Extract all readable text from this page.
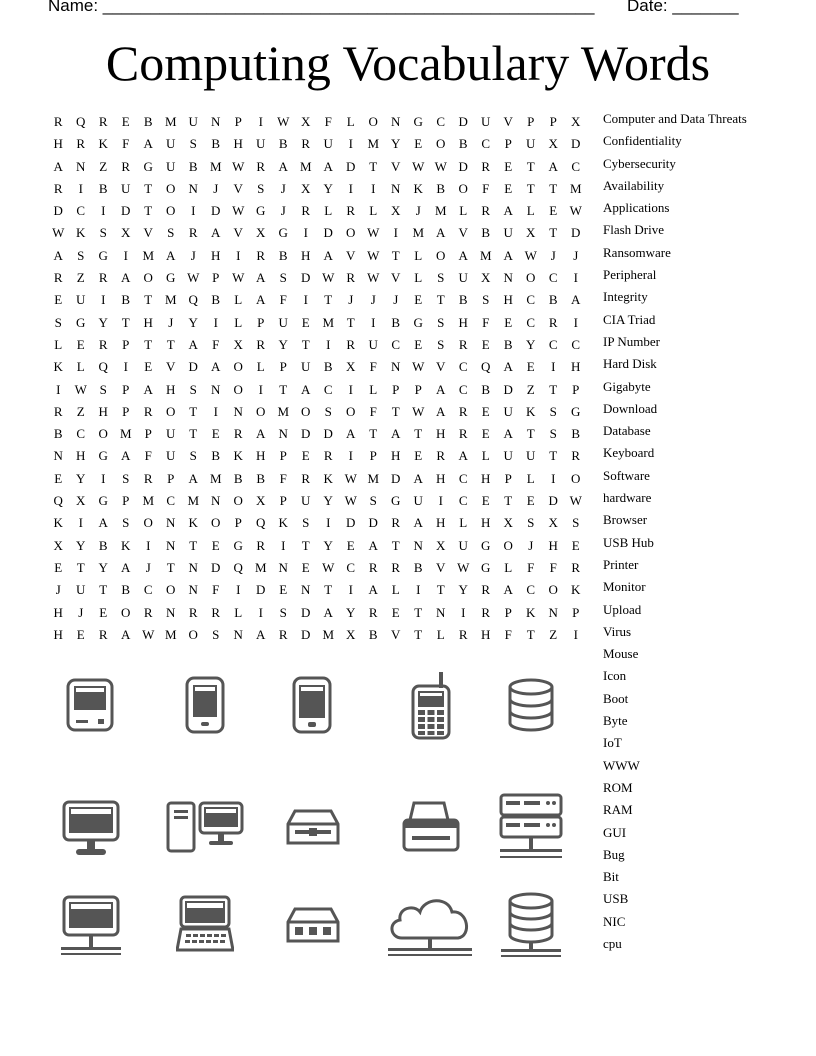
Name: ____________________________________________________ Date: _______
Computing Vocabulary Words
R Q R E B M U N P I W X F L O N G C D U V P P X
H R K F A U S B H U B R U I M Y E O B C P U X D
A N Z R G U B M W R A M A D T V W W D R E T A C
R I B U T O N J V S J X Y I I N K B O F E T T M
D C I D T O I D W G J R L R L X J M L R A L E W
W K S X V S R A V X G I D O W I M A V B U X T D
A S G I M A J H I R B H A V W T L O A M A W J J
R Z R A O G W P W A S D W R W V L S U X N O C I
E U I B T M Q B L A F I T J J J E T B S H C B A
S G Y T H J Y I L P U E M T I B G S H F E C R I
L E R P T T A F X R Y T I R U C E S R E B Y C C
K L Q I E V D A O L P U B X F N W V C Q A E I H
I W S P A H S N O I T A C I L P P A C B D Z T P
R Z H P R O T I N O M O S O F T W A R E U K S G
B C O M P U T E R A N D D A T A T H R E A T S B
N H G A F U S B K H P E R I P H E R A L U U T R
E Y I S R P A M B B F R K W M D A H C H P L I O
Q X G P M C M N O X P U Y W S G U I C E T E D W
K I A S O N K O P Q K S I D D R A H L H X S X S
X Y B K I N T E G R I T Y E A T N X U G O J H E
E T Y A J T N D Q M N E W C R R B V W G L F F R
J U T B C O N F I D E N T I A L I T Y R A C O K
H J E O R N R R L I S D A Y R E T N I R P K N P
H E R A W M O S N A R D M X B V T L R H F T Z I
Computer and Data Threats
Confidentiality
Cybersecurity
Availability
Applications
Flash Drive
Ransomware
Peripheral
Integrity
CIA Triad
IP Number
Hard Disk
Gigabyte
Download
Database
Keyboard
Software
hardware
Browser
USB Hub
Printer
Monitor
Upload
Virus
Mouse
Icon
Boot
Byte
IoT
WWW
ROM
RAM
GUI
Bug
Bit
USB
NIC
cpu
